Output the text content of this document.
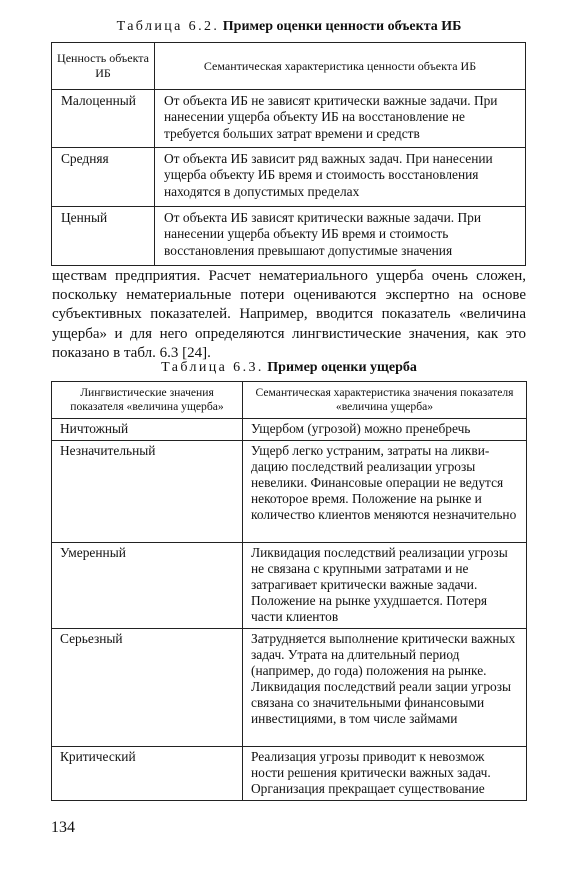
Таблица 6.2. Пример оценки ценности объекта ИБ
Ценность объекта ИБ	Семантическая характеристика ценности объекта ИБ
Малоценный	От объекта ИБ не зависят критически важные задачи. При нанесении ущерба объекту ИБ на восстановление не требуется больших затрат времени и средств
Средняя	От объекта ИБ зависит ряд важных задач. При нанесении ущерба объекту ИБ время и стоимость восстановления находятся в допустимых пределах
Ценный	От объекта ИБ зависят критически важные задачи. При нанесении ущерба объекту ИБ время и стоимость восстановления превышают допустимые значения

ществам предприятия. Расчет нематериального ущерба очень сложен, поскольку нематериальные потери оцениваются экспертно на основе субъективных показателей. Например, вводится показатель «величина ущерба» и для него определяются лингвистические значения, как это показано в табл. 6.3 [24].

Таблица 6.3. Пример оценки ущерба
Лингвистические значения показателя «величина ущерба»	Семантическая характеристика значения показателя «величина ущерба»
Ничтожный	Ущербом (угрозой) можно пренебречь
Незначительный	Ущерб легко устраним, затраты на ликвидацию последствий реализации угрозы невелики. Финансовые операции не ведутся некоторое время. Положение на рынке и количество клиентов меняются незначительно
Умеренный	Ликвидация последствий реализации угрозы не связана с крупными затратами и не затрагивает критически важные задачи. Положение на рынке ухудшается. Потеря части клиентов
Серьезный	Затрудняется выполнение критически важных задач. Утрата на длительный период (например, до года) положения на рынке. Ликвидация последствий реали зации угрозы связана со значительными финансовыми инвестициями, в том числе займами
Критический	Реализация угрозы приводит к невозмож ности решения критически важных задач. Организация прекращает существование
134
